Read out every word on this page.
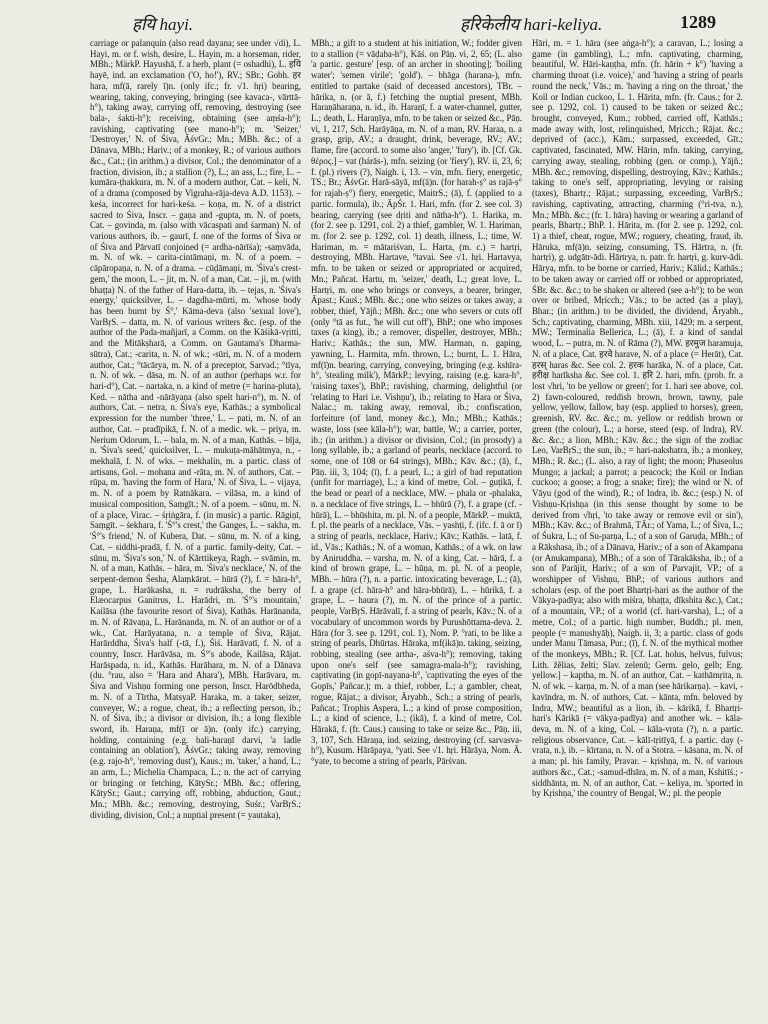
हयि hayi.	हरिकेलीय hari-keliya.	1289

carriage or palanquin (also read dayana; see under √di), L. Hayi, m. or f. wish, desire, L. Hayin, m. a horseman, rider, MBh.; MärkP. Hayushā, f. a herb, plant (= oshadhi), L. हयि hayē, ind. an exclamation ('O, ho!'), RV.; SBr.; Gobh. हर hara, mf(ā, rarely ī)n. (only ifc.; fr. √1. hṛi) bearing, wearing, taking, conveying, bringing (see kavaca-, vārttā-h°), taking away, carrying off, removing, destroying (see bala-, śakti-h°); receiving, obtaining (see aṃśa-h°); ravishing, captivating (see mano-h°); m. 'Seizer,' 'Destroyer,' N. of Śiva, ĀśvGr.; Mn.; MBh. &c.; of a Dānava, MBh.; Hariv.; of a monkey, R.; of various authors &c., Cat.; (in arithm.) a divisor, Col.; the denominator of a fraction, division, ib.; a stallion (?), L.; an ass, L.; fire, L. – kumāra-ṭhakkura, m. N. of a modern author, Cat. – keli, N. of a drama (composed by Vigraha-rāja-deva A.D. 1153). – keśa, incorrect for hari-keśa. – koṇa, m. N. of a district sacred to Śiva, Inscr. – gaṇa and -gupta, m. N. of poets, Cat. – govinda, m. (also with vācaspati and śarman) N. of various authors, ib. – gaurī, f. one of the forms of Śiva or of Śiva and Pārvatī conjoined (= ardha-nārīśa); -saṃvāda, m. N. of wk. – carita-cintāmaṇi, m. N. of a poem. – cāpāropaṇa, n. N. of a drama. – cūḍāmaṇi, m. 'Śiva's crest-gem,' the moon, L. – jit, m. N. of a man, Cat. – ji, m. (with bhaṭṭa) N. of the father of Hara-datta, ib. – tejas, n. 'Śiva's energy,' quicksilver, L. – dagdha-mūrti, m. 'whose body has been burnt by Ś°,' Kāma-deva (also 'sexual love'), VarBṛS. – datta, m. N. of various writers &c. (esp. of the author of the Pada-mañjarī, a Comm. on the Kāśikā-vṛitti, and the Mitākṣharā, a Comm. on Gautama's Dharma-sūtra), Cat.; -carita, n. N. of wk.; -sūri, m. N. of a modern author, Cat.; °tācārya, m. N. of a preceptor, Sarvad.; °tīya, n. N. of wk. – dāsa, m. N. of an author (perhaps w.r. for hari-d°), Cat. – nartaka, n. a kind of metre (= harina-pluta), Ked. – nātha and -nārāyaṇa (also spelt hari-n°), m. N. of authors, Cat. – netra, n. Śiva's eye, Kathās.; a symbolical expression for the number 'three,' L. – pati, m. N. of an author, Cat. – pradīpikā, f. N. of a medic. wk. – priya, m. Nerium Odorum, L. – bala, m. N. of a man, Kathās. – bīja, n. 'Śiva's seed,' quicksilver, L. – mukuṭa-māhātmya, n., -mekhalā, f. N. of wks. – mekhalin, m. a partic. class of artisans, Gol. – mohana and -rāta, m. N. of authors, Cat. – rūpa, m. 'having the form of Hara,' N. of Śiva, L. – vijaya, m. N. of a poem by Ratnākara. – vilāsa, m. a kind of musical composition, Saṃgīt.; N. of a poem. – sūnu, m. N. of a place, Virac. – śṛiṅgāra, f. (in music) a partic. Rāgiṇī, Saṃgīt. – śekhara, f. 'Ś°'s crest,' the Ganges, L. – sakha, m. 'Ś°'s friend,' N. of Kubera, Dat. – sūnu, m. N. of a king, Cat. – siddhi-pradā, f. N. of a partic. family-deity, Cat. – sūnu, m. 'Śiva's son,' N. of Kārttikeya, Ragh. – svāmin, m. N. of a man, Kathās. – hāra, m. 'Śiva's necklace,' N. of the serpent-demon Śesha, Alaṃkārat. – hūrā (?), f. = hāra-h°, grape, L. Harākasha, n. = rudrāksha, the berry of Elæocarpus Ganitrus, L. Harādri, m. 'Ś°'s mountain,' Kailāsa (the favourite resort of Śiva), Kathās. Harānanda, m. N. of Rāvaṇa, L. Harānanda, m. N. of an author or of a wk., Cat. Harāyatana, n. a temple of Śiva, Rājat. Harārddha, Śiva's half (-tā, f.), Śiś. Harāvatī, f. N. of a country, Inscr. Harāvāsa, m. Ś°'s abode, Kailāsa, Rājat. Harāspada, n. id., Kathās. Harāhara, m. N. of a Dānava (du. °rau, also = 'Hara and Ahara'), MBh. Harāvara, m. Śiva and Vishṇu forming one person, Inscr. Harōdbheda, m. N. of a Tīrtha, MatsyaP. Haraka, m. a taker, seizer, conveyer, W.; a rogue, cheat, ib.; a reflecting person, ib.; N. of Śiva, ib.; a divisor or division, ib.; a long flexible sword, ib. Haraṇa, mf(ī or ā)n. (only ifc.) carrying, holding, containing (e.g. bali-haraṇī darvi, 'a ladle containing an oblation'), ĀśvGr.; taking away, removing (e.g. rajo-h°, 'removing dust'), Kaus.; m. 'taker,' a hand, L.; an arm, L.; Michelia Champaca, L.; n. the act of carrying or bringing or fetching, KātySr.; MBh. &c.; offering, KātySr.; Gaut.; carrying off, robbing, abduction, Gaut.; Mn.; MBh. &c.; removing, destroying, Suśr.; VarBṛS.; dividing, division, Col.; a nuptial present (= yautaka),

MBh.; a gift to a student at his initiation, W.; fodder given to a stallion (= vāḍaba-h°), Kāś. on Pāṇ. vi, 2, 65; (L. also 'a partic. gesture' [esp. of an archer in shooting]; 'boiling water'; 'semen virile'; 'gold'). – bhāga (harana-), mfn. entitled to partake (said of deceased ancestors), TBr. – hārika, n. (or ā, f.) fetching the nuptial present, MBh. Haraṇāharaṇa, n. id., ib. Haraṇī, f. a water-channel, gutter, L.; death, L. Haraṇīya, mfn. to be taken or seized &c., Pāṇ. vi, 1, 217, Sch. Harāyāṇa, m. N. of a man, RV. Haraa, n. a grasp, grip, AV.; a draught, drink, beverage, RV.; AV.; flame, fire (accord. to some also 'anger,' 'fury'), ib. [Cf. Gk. θέρος.] – vat (hárās-), mfn. seizing (or 'fiery'), RV. ii, 23, 6; f. (pl.) rivers (?), Naigh. i, 13. – vin, mfn. fiery, energetic, TS.; Br.; ĀśvGr. Harā-sāyā, mf(ā)n. (for harah-ṣ° as rajā-ṣ° for rajah-ṣ°) fiery, energetic, MaitrS.; (ā), f. (applied to a partic. formula), ib.; ĀpŚr. 1. Hari, mfn. (for 2. see col. 3) bearing, carrying (see dṛiti and nātha-h°). 1. Harika, m. (for 2. see p. 1291, col. 2) a thief, gambler, W. 1. Hariman, m. (for 2. see p. 1292, col. 1) death, illness, L.; time, W. Hariman, m. = mātariśvan, L. Harta, (m. c.) = hartṛi, destroying, MBh. Hartave, °tavai. See √1. hṛi. Hartavya, mfn. to be taken or seized or appropriated or acquired, Mn.; Pañcat. Hartu, m. 'seizer,' death, L.; great love, L. Hartṛi, m. one who brings or conveys, a bearer, bringer, Āpast.; Kauś.; MBh. &c.; one who seizes or takes away, a robber, thief, Yājñ.; MBh. &c.; one who severs or cuts off (only °tā as fut., 'he will cut off'), BhP.; one who imposes taxes (a king), ib.; a remover, dispeller, destroyer, MBh.; Hariv.; Kathās.; the sun, MW. Harman, n. gaping, yawning, L. Harmita, mfn. thrown, L.; burnt, L. 1. Hāra, mf(ī)n. bearing, carrying, conveying, bringing (e.g. kshīra-h°, 'stealing milk'), MārkP.; levying, raising (e.g. kara-h°, 'raising taxes'), BhP.; ravishing, charming, delightful (or 'relating to Hari i.e. Vishṇu'), ib.; relating to Hara or Śiva, Nalac.; m. taking away, removal, ib.; confiscation, forfeiture (of land, money &c.), Mn.; MBh.; Kathās.; waste, loss (see kāla-h°); war, battle, W.; a carrier, porter, ib.; (in arithm.) a divisor or division, Col.; (in prosody) a long syllable, ib.; a garland of pearls, necklace (accord. to some, one of 108 or 64 strings), MBh.; Kāv. &c.; (ā), f., Pāṇ. iii, 3, 104; (ī), f. a pearl, L.; a girl of bad reputation (unfit for marriage), L.; a kind of metre, Col. – guṭikā, f. the bead or pearl of a necklace, MW. – phala or -phalaka, n. a necklace of five strings, L. – bhūrā (?), f. a grape (cf. -hūrā), L. – bhūshita, m. pl. N. of a people, MārkP. – muktā, f. pl. the pearls of a necklace, Vās. – yashṭi, f. (ifc. f. ā or ī) a string of pearls, necklace, Hariv.; Kāv.; Kathās. – latā, f. id., Vās.; Kathās.; N. of a woman, Kathās.; of a wk. on law by Aniruddha. – varsha, m. N. of a king, Cat. – hārā, f. a kind of brown grape, L. – hūṇa, m. pl. N. of a people, MBh. – hūra (?), n. a partic. intoxicating beverage, L.; (ā), f. a grape (cf. hāra-h° and hāra-bhūrā), L. – hūrikā, f. a grape, L. – haura (?), m. N. of the prince of a partic. people, VarBṛS. Hārāvalī, f. a string of pearls, Kāv.; N. of a vocabulary of uncommon words by Purushōttama-deva. 2. Hāra (for 3. see p. 1291, col. 1), Nom. P. °rati, to be like a string of pearls, Dhūrtas. Hāraka, mf(ikā)n. taking, seizing, robbing, stealing (see artha-, aśva-h°); removing, taking upon one's self (see samagra-mala-h°); ravishing, captivating (in gopī-nayana-h°, 'captivating the eyes of the Gopīs,' Pañcar.); m. a thief, robber, L.; a gambler, cheat, rogue, Rājat.; a divisor, Āryabh., Sch.; a string of pearls, Pañcat.; Trophis Aspera, L.; a kind of prose composition, L.; a kind of science, L.; (ikā), f. a kind of metre, Col. Hārakā, f. (fr. Caus.) causing to take or seize &c., Pāṇ. iii, 3, 107, Sch. Hāraṇa, ind. seizing, destroying (cf. sarvasva-h°), Kusum. Hārāpaya, °yati. See √1. hṛi. Hārāya, Nom. Ā. °yate, to become a string of pearls, Pārśvan.

Hāri, m. = 1. hāra (see aṅga-h°); a caravan, L.; losing a game (in gambling), L.; mfn. captivating, charming, beautiful, W. Hāri-kaṇṭha, mfn. (fr. hārin + k°) 'having a charming throat (i.e. voice),' and 'having a string of pearls round the neck,' Vās.; m. 'having a ring on the throat,' the Koïl or Indian cuckoo, L. 1. Hārita, mfn. (fr. Caus.; for 2. see p. 1292, col. 1) caused to be taken or seized &c.; brought, conveyed, Kum.; robbed, carried off, Kathās.; made away with, lost, relinquished, Mṛicch.; Rājat. &c.; deprived of (acc.), Kām.; surpassed, exceeded, Gīt.; captivated, fascinated, MW. Hārin, mfn. taking, carrying, carrying away, stealing, robbing (gen. or comp.), Yājñ.; MBh. &c.; removing, dispelling, destroying, Kāv.; Kathās.; taking to one's self, appropriating, levying or raising (taxes), Bhartṛ.; Rājat.; surpassing, exceeding, VarBṛS.; ravishing, captivating, attracting, charming (°ri-tva, n.), Mn.; MBh. &c.; (fr. 1. hāra) having or wearing a garland of pearls, Bhartṛ.; BhP. 1. Hārita, m. (for 2. see p. 1292, col. 1) a thief, cheat, rogue, MW.; roguery, cheating, fraud, ib. Hāruka, mf(ā)n. seizing, consuming, TS. Hārtra, n. (fr. hartṛi), g. udgātr-ādi. Hārtrya, n. patr. fr. hartṛi, g. kurv-ādi. Hārya, mfn. to be borne or carried, Hariv.; Kālid.; Kathās.; to be taken away or carried off or robbed or appropriated, ŚBr. &c. &c.; to be shaken or altered (see a-h°); to be won over or bribed, Mṛicch.; Vās.; to be acted (as a play), Bhar.; (in arithm.) to be divided, the dividend, Āryabh., Sch.; captivating, charming, MBh. xiii, 1429; m. a serpent, MW.; Terminalia Bellerica, L.; (ā), f. a kind of sandal wood, L. – putra, m. N. of Rāma (?), MW. हरमुज haramuja, N. of a place, Cat. हरवे harave, N. of a place (= Herāt), Cat. हरस् haras &c. See col. 2. हरक harāka, N. of a place, Cat. हरीक्ष harīksha &c. See col. 1. हरि 2. hari, mfn. (prob. fr. a lost √hri, 'to be yellow or green'; for 1. hari see above, col. 2) fawn-coloured, reddish brown, brown, tawny, pale yellow, yellow, fallow, bay (esp. applied to horses), green, greenish, RV. &c. &c.; m. yellow or reddish brown or green (the colour), L.; a horse, steed (esp. of Indra), RV. &c. &c.; a lion, MBh.; Kāv. &c.; the sign of the zodiac Leo, VarBṛS.; the sun, ib.; = hari-nakshatra, ib.; a monkey, MBh.; R. &c.; (L. also, a ray of light; the moon; Phaseolus Mungo; a jackal; a parrot; a peacock; the Koïl or Indian cuckoo; a goose; a frog; a snake; fire); the wind or N. of Vāyu (god of the wind), R.; of Indra, ib. &c.; (esp.) N. of Vishṇu-Kṛishṇa (in this sense thought by some to be derived from √hṛi, 'to take away or remove evil or sin'), MBh.; Kāv. &c.; of Brahmā, TĀr.; of Yama, L.; of Śiva, L.; of Śukra, L.; of Su-parṇa, L.; of a son of Garuḍa, MBh.; of a Rākshasa, ib.; of a Dānava, Hariv.; of a son of Akampana (or Anukampana), MBh.; of a son of Tārakāksha, ib.; of a son of Parājit, Hariv.; of a son of Parvajit, VP.; of a worshipper of Vishṇu, BhP.; of various authors and scholars (esp. of the poet Bhartṛi-hari as the author of the Vākya-padīya; also with miśra, bhaṭṭa, dīkshita &c.), Cat.; of a mountain, VP.; of a world (cf. hari-varsha), L.; of a metre, Col.; of a partic. high number, Buddh.; pl. men, people (= manushyāḥ), Naigh. ii, 3; a partic. class of gods under Manu Tāmasa, Pur.; (ī), f. N. of the mythical mother of the monkeys, MBh.; R. [Cf. Lat. holus, helvus, fulvus; Lith. žẽlias, želti; Slav. zelenŭ; Germ. gelo, gelb; Eng. yellow.] – kaptha, m. N. of an author, Cat. – kathāmṛita, n. N. of wk. – karṇa, m. N. of a man (see hārikarṇa). – kavi, -kavīndra, m. N. of authors, Cat. – kānta, mfn. beloved by Indra, MW.; beautiful as a lion, ib. – kārikā, f. Bhartṛi-hari's Kārikā (= vākya-padīya) and another wk. – kāla-deva, m. N. of a king, Col. – kāla-vrata (?), n. a partic. religious observance, Cat. – kālī-tṛitīyā, f. a partic. day (-vrata, n.), ib. – kīrtana, n. N. of a Stotra. – kāsana, m. N. of a man; pl. his family, Pravar. – kṛishṇa, m. N. of various authors &c., Cat.; -samud-dhāra, m. N. of a man, Kshitīś.; -siddhānta, m. N. of an author, Cat. – keliya, m. 'sported in by Kṛishṇa,' the country of Bengal, W.; pl. the people
